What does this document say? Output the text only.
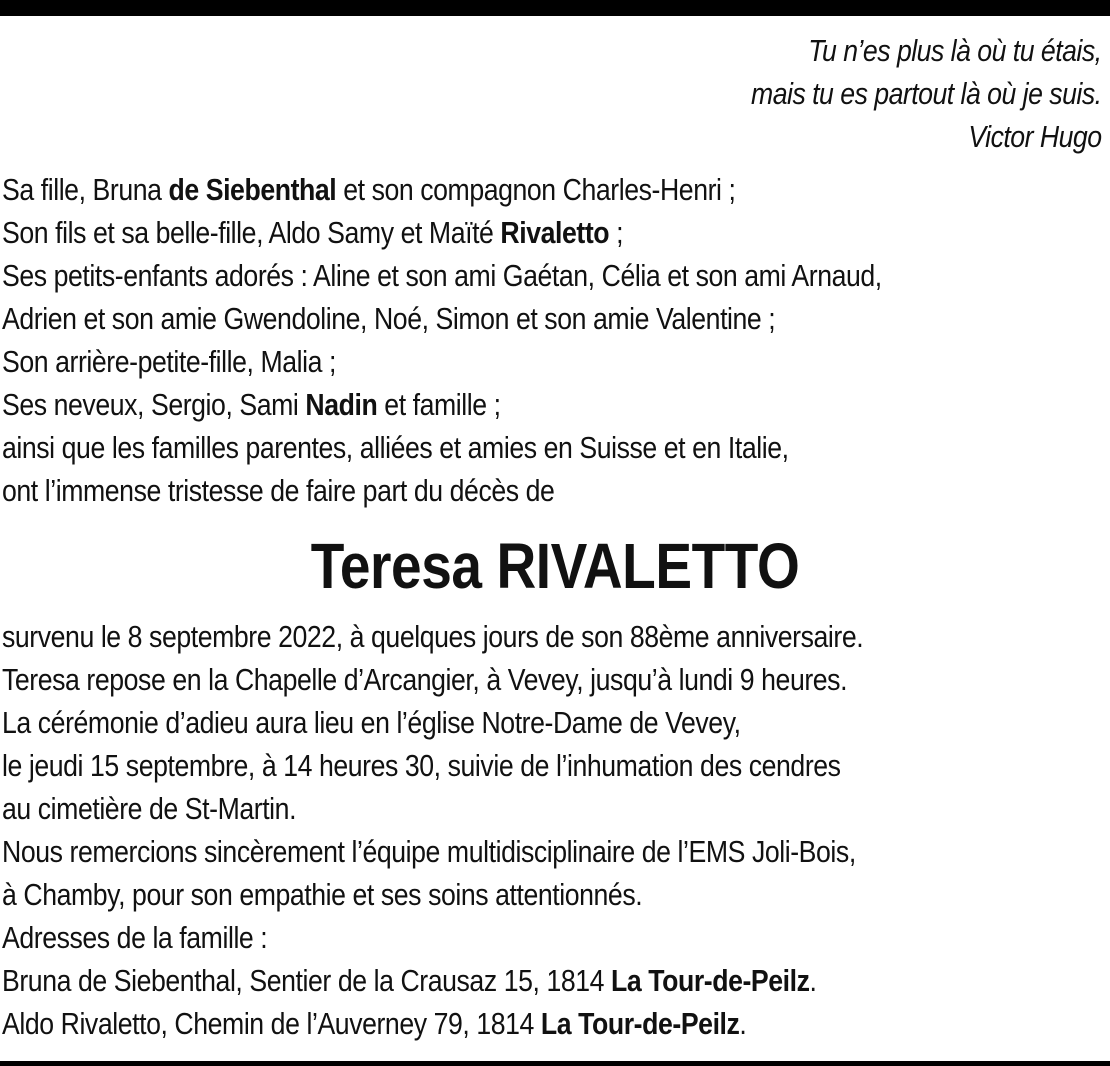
Tu n’es plus là où tu étais,
mais tu es partout là où je suis.
Victor Hugo
Sa fille, Bruna de Siebenthal et son compagnon Charles-Henri ;
Son fils et sa belle-fille, Aldo Samy et Maïté Rivaletto ;
Ses petits-enfants adorés : Aline et son ami Gaétan, Célia et son ami Arnaud,
Adrien et son amie Gwendoline, Noé, Simon et son amie Valentine ;
Son arrière-petite-fille, Malia ;
Ses neveux, Sergio, Sami Nadin et famille ;
ainsi que les familles parentes, alliées et amies en Suisse et en Italie,
ont l’immense tristesse de faire part du décès de
Teresa RIVALETTO
survenu le 8 septembre 2022, à quelques jours de son 88ème anniversaire.
Teresa repose en la Chapelle d’Arcangier, à Vevey, jusqu’à lundi 9 heures.
La cérémonie d’adieu aura lieu en l’église Notre-Dame de Vevey,
le jeudi 15 septembre, à 14 heures 30, suivie de l’inhumation des cendres
au cimetière de St-Martin.
Nous remercions sincèrement l’équipe multidisciplinaire de l’EMS Joli-Bois,
à Chamby, pour son empathie et ses soins attentionnés.
Adresses de la famille :
Bruna de Siebenthal, Sentier de la Crausaz 15, 1814 La Tour-de-Peilz.
Aldo Rivaletto, Chemin de l’Auverney 79, 1814 La Tour-de-Peilz.
